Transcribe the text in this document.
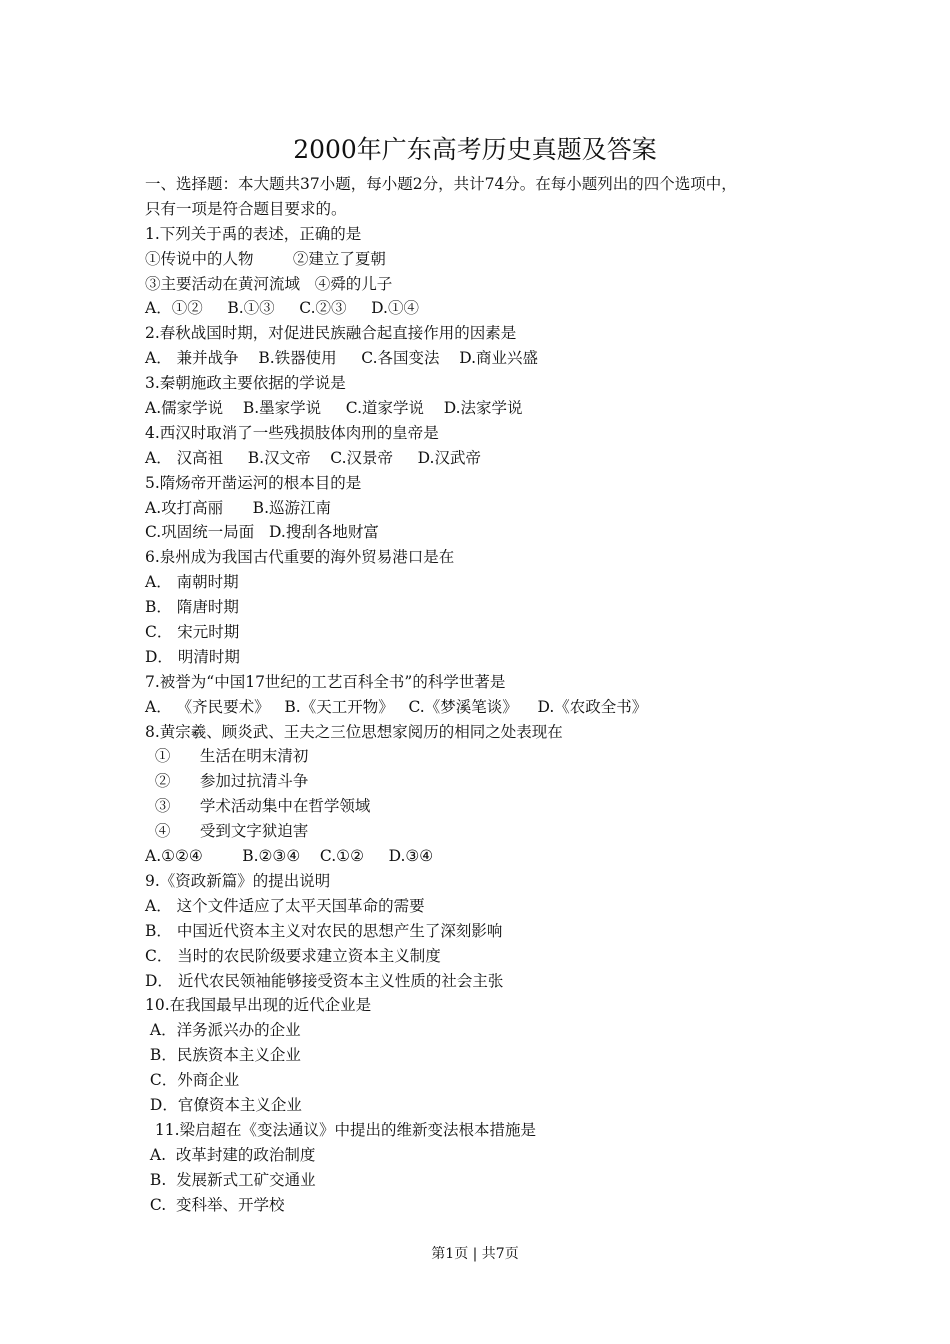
2000年广东高考历史真题及答案
一、选择题：本大题共37小题，每小题2分，共计74分。在每小题列出的四个选项中，
只有一项是符合题目要求的。
1.下列关于禹的表述，正确的是
①传说中的人物        ②建立了夏朝
③主要活动在黄河流域   ④舜的儿子
A．①②     B.①③     C.②③     D.①④
2.春秋战国时期，对促进民族融合起直接作用的因素是
A． 兼并战争    B.铁器使用     C.各国变法    D.商业兴盛
3.秦朝施政主要依据的学说是
A.儒家学说    B.墨家学说     C.道家学说    D.法家学说
4.西汉时取消了一些残损肢体肉刑的皇帝是
A． 汉高祖     B.汉文帝    C.汉景帝     D.汉武帝
5.隋炀帝开凿运河的根本目的是
A.攻打高丽      B.巡游江南
C.巩固统一局面   D.搜刮各地财富
6.泉州成为我国古代重要的海外贸易港口是在
A． 南朝时期
B． 隋唐时期
C． 宋元时期
D． 明清时期
7.被誉为“中国17世纪的工艺百科全书”的科学世著是
A． 《齐民要术》   B.《天工开物》   C.《梦溪笔谈》    D.《农政全书》
8.黄宗羲、顾炎武、王夫之三位思想家阅历的相同之处表现在
①      生活在明末清初
②      参加过抗清斗争
③      学术活动集中在哲学领域
④      受到文字狱迫害
A.①②④        B.②③④    C.①②     D.③④
9.《资政新篇》的提出说明
A． 这个文件适应了太平天国革命的需要
B． 中国近代资本主义对农民的思想产生了深刻影响
C． 当时的农民阶级要求建立资本主义制度
D． 近代农民领袖能够接受资本主义性质的社会主张
10.在我国最早出现的近代企业是
A．洋务派兴办的企业
B．民族资本主义企业
C．外商企业
D．官僚资本主义企业
11.梁启超在《变法通议》中提出的维新变法根本措施是
A.  改革封建的政治制度
B.  发展新式工矿交通业
C.  变科举、开学校
第1页 | 共7页
